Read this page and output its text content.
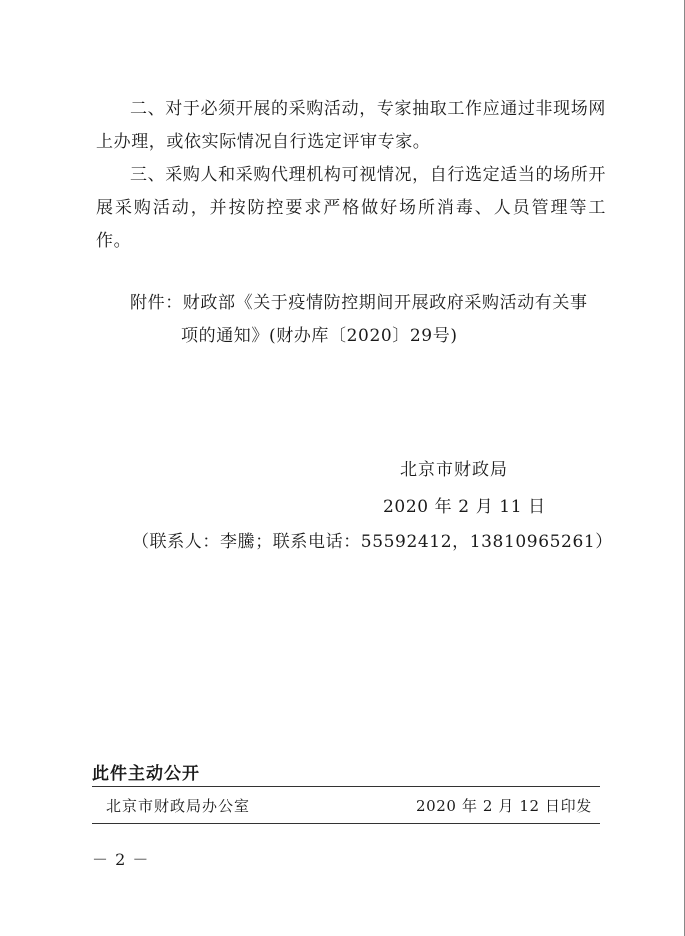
二、对于必须开展的采购活动，专家抽取工作应通过非现场网上办理，或依实际情况自行选定评审专家。
三、采购人和采购代理机构可视情况，自行选定适当的场所开展采购活动，并按防控要求严格做好场所消毒、人员管理等工作。
附件：财政部《关于疫情防控期间开展政府采购活动有关事
项的通知》(财办库〔2020〕29号)
北京市财政局
2020 年 2 月 11 日
（联系人：李騰；联系电话：55592412，13810965261）
此件主动公开
北京市财政局办公室	2020 年 2 月 12 日印发
－ 2 －
